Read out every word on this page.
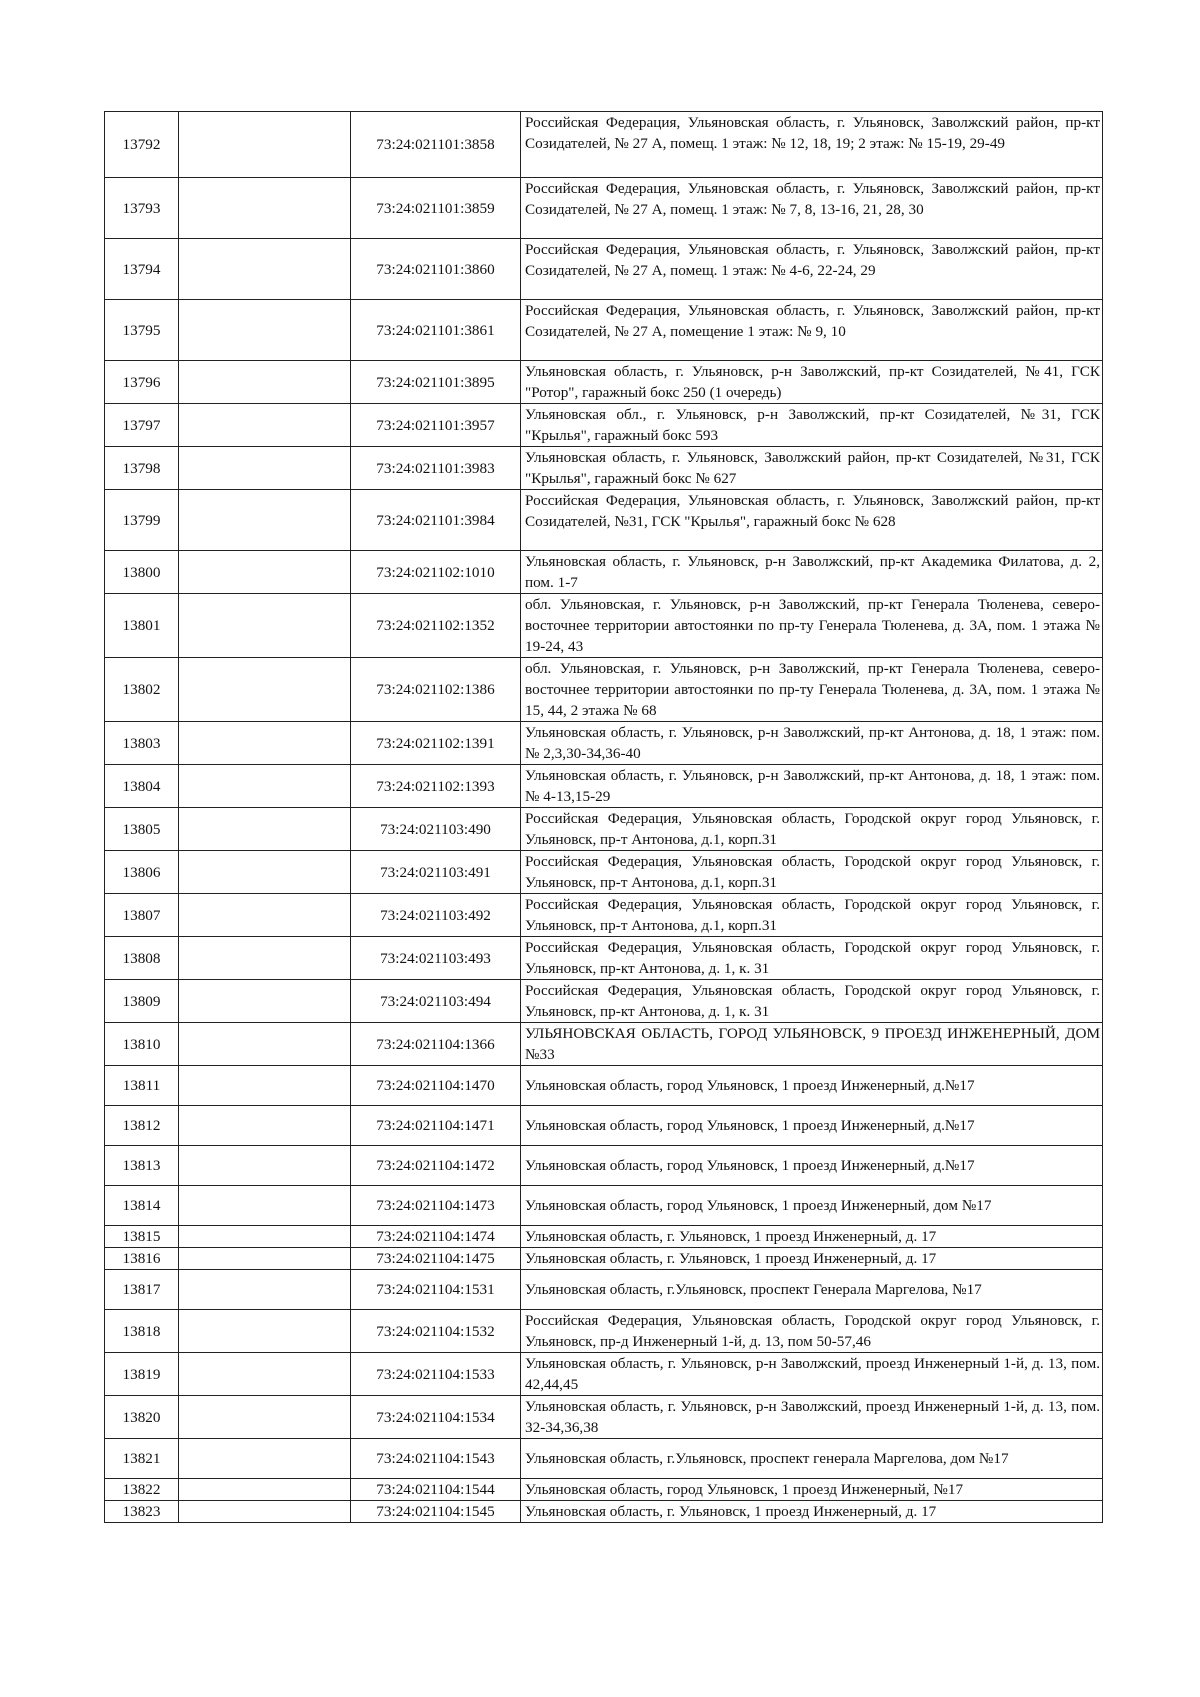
13792		73:24:021101:3858	Российская Федерация, Ульяновская область, г. Ульяновск, Заволжский район, пр-кт Созидателей, № 27 А, помещ. 1 этаж: № 12, 18, 19; 2 этаж: № 15-19, 29-49

13793		73:24:021101:3859	Российская Федерация, Ульяновская область, г. Ульяновск, Заволжский район, пр-кт Созидателей, № 27 А, помещ. 1 этаж: № 7, 8, 13-16, 21, 28, 30

13794		73:24:021101:3860	Российская Федерация, Ульяновская область, г. Ульяновск, Заволжский район, пр-кт Созидателей, № 27 А, помещ. 1 этаж: № 4-6, 22-24, 29

13795		73:24:021101:3861	Российская Федерация, Ульяновская область, г. Ульяновск, Заволжский район, пр-кт Созидателей, № 27 А, помещение 1 этаж: № 9, 10

13796		73:24:021101:3895	Ульяновская область, г. Ульяновск, р-н Заволжский, пр-кт Созидателей, №41, ГСК "Ротор", гаражный бокс 250 (1 очередь)

13797		73:24:021101:3957	Ульяновская обл., г. Ульяновск, р-н Заволжский, пр-кт Созидателей, №31, ГСК "Крылья", гаражный бокс 593

13798		73:24:021101:3983	Ульяновская область, г. Ульяновск, Заволжский район, пр-кт Созидателей, №31, ГСК "Крылья", гаражный бокс № 627

13799		73:24:021101:3984	Российская Федерация, Ульяновская область, г. Ульяновск, Заволжский район, пр-кт Созидателей, №31, ГСК "Крылья", гаражный бокс № 628

13800		73:24:021102:1010	Ульяновская область, г. Ульяновск, р-н Заволжский, пр-кт Академика Филатова, д. 2, пом. 1-7

13801		73:24:021102:1352	обл. Ульяновская, г. Ульяновск, р-н Заволжский, пр-кт Генерала Тюленева, северо-восточнее территории автостоянки по пр-ту Генерала Тюленева, д. 3А, пом. 1 этажа № 19-24, 43

13802		73:24:021102:1386	обл. Ульяновская, г. Ульяновск, р-н Заволжский, пр-кт Генерала Тюленева, северо-восточнее территории автостоянки по пр-ту Генерала Тюленева, д. 3А, пом. 1 этажа № 15, 44, 2 этажа № 68

13803		73:24:021102:1391	Ульяновская область, г. Ульяновск, р-н Заволжский, пр-кт Антонова, д. 18, 1 этаж: пом. № 2,3,30-34,36-40

13804		73:24:021102:1393	Ульяновская область, г. Ульяновск, р-н Заволжский, пр-кт Антонова, д. 18, 1 этаж: пом. № 4-13,15-29

13805		73:24:021103:490	Российская Федерация, Ульяновская область, Городской округ город Ульяновск, г. Ульяновск, пр-т Антонова, д.1, корп.31

13806		73:24:021103:491	Российская Федерация, Ульяновская область, Городской округ город Ульяновск, г. Ульяновск, пр-т Антонова, д.1, корп.31

13807		73:24:021103:492	Российская Федерация, Ульяновская область, Городской округ город Ульяновск, г. Ульяновск, пр-т Антонова, д.1, корп.31

13808		73:24:021103:493	Российская Федерация, Ульяновская область, Городской округ город Ульяновск, г. Ульяновск, пр-кт Антонова, д. 1, к. 31

13809		73:24:021103:494	Российская Федерация, Ульяновская область, Городской округ город Ульяновск, г. Ульяновск, пр-кт Антонова, д. 1, к. 31

13810		73:24:021104:1366	УЛЬЯНОВСКАЯ ОБЛАСТЬ, ГОРОД УЛЬЯНОВСК, 9 ПРОЕЗД ИНЖЕНЕРНЫЙ, ДОМ №33

13811		73:24:021104:1470	Ульяновская область, город Ульяновск, 1 проезд Инженерный, д.№17

13812		73:24:021104:1471	Ульяновская область, город Ульяновск, 1 проезд Инженерный, д.№17

13813		73:24:021104:1472	Ульяновская область, город Ульяновск, 1 проезд Инженерный, д.№17

13814		73:24:021104:1473	Ульяновская область, город Ульяновск, 1 проезд Инженерный, дом №17

13815		73:24:021104:1474	Ульяновская область, г. Ульяновск, 1 проезд Инженерный, д. 17

13816		73:24:021104:1475	Ульяновская область, г. Ульяновск, 1 проезд Инженерный, д. 17

13817		73:24:021104:1531	Ульяновская область, г.Ульяновск, проспект Генерала Маргелова, №17

13818		73:24:021104:1532	Российская Федерация, Ульяновская область, Городской округ город Ульяновск, г. Ульяновск, пр-д Инженерный 1-й, д. 13, пом 50-57,46

13819		73:24:021104:1533	Ульяновская область, г. Ульяновск, р-н Заволжский, проезд Инженерный 1-й, д. 13, пом. 42,44,45

13820		73:24:021104:1534	Ульяновская область, г. Ульяновск, р-н Заволжский, проезд Инженерный 1-й, д. 13, пом. 32-34,36,38

13821		73:24:021104:1543	Ульяновская область, г.Ульяновск, проспект генерала Маргелова, дом №17

13822		73:24:021104:1544	Ульяновская область, город Ульяновск, 1 проезд Инженерный, №17

13823		73:24:021104:1545	Ульяновская область, г. Ульяновск, 1 проезд Инженерный, д. 17
